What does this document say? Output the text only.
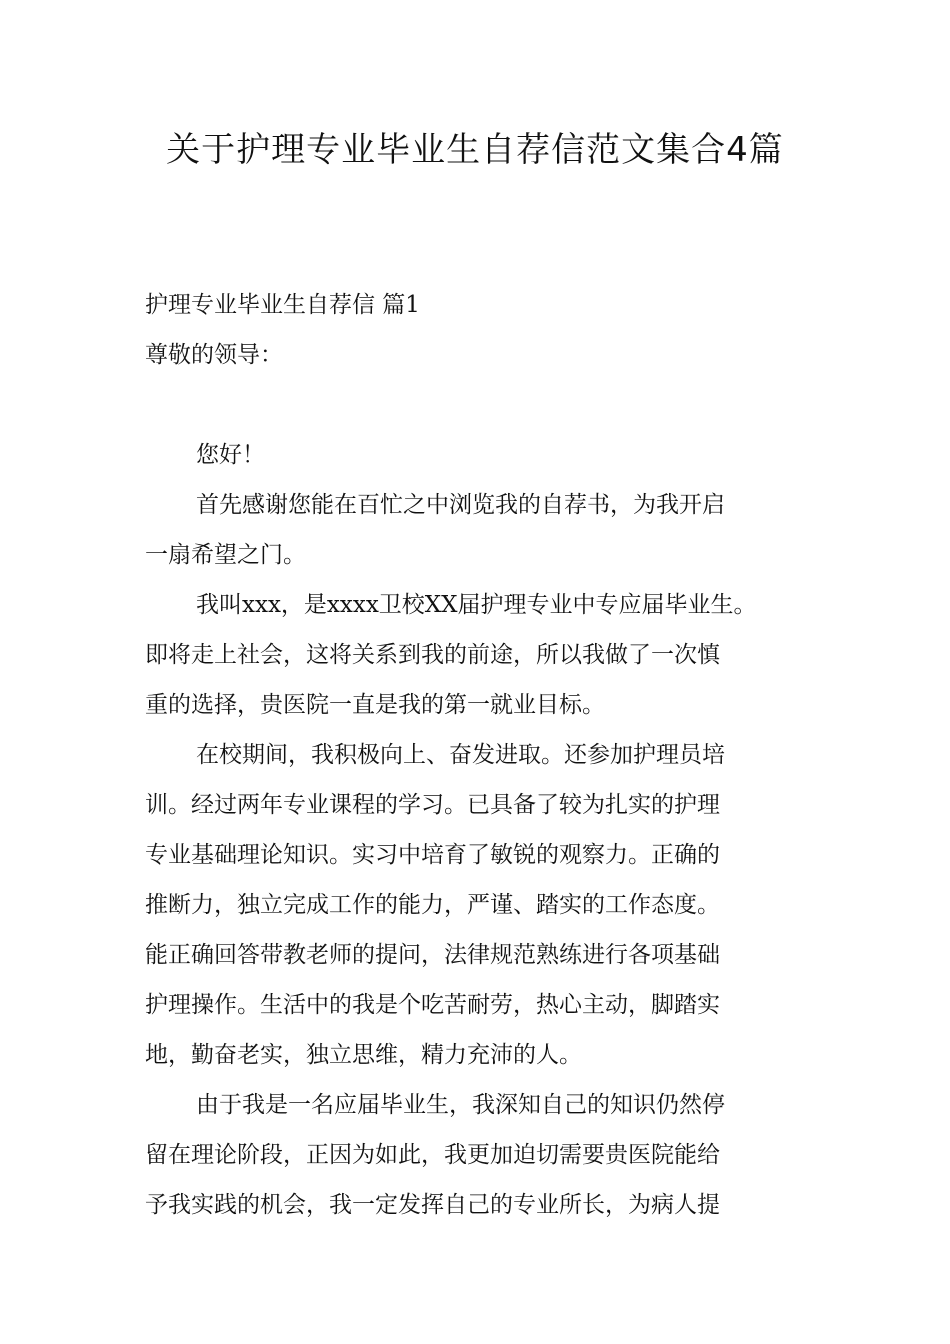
关于护理专业毕业生自荐信范文集合4篇

护理专业毕业生自荐信 篇1

尊敬的领导：

您好！

首先感谢您能在百忙之中浏览我的自荐书，为我开启

一扇希望之门。

我叫xxx，是xxxx卫校XX届护理专业中专应届毕业生。

即将走上社会，这将关系到我的前途，所以我做了一次慎

重的选择，贵医院一直是我的第一就业目标。

在校期间，我积极向上、奋发进取。还参加护理员培

训。经过两年专业课程的学习。已具备了较为扎实的护理

专业基础理论知识。实习中培育了敏锐的观察力。正确的

推断力，独立完成工作的能力，严谨、踏实的工作态度。

能正确回答带教老师的提问，法律规范熟练进行各项基础

护理操作。生活中的我是个吃苦耐劳，热心主动，脚踏实

地，勤奋老实，独立思维，精力充沛的人。

由于我是一名应届毕业生，我深知自己的知识仍然停

留在理论阶段，正因为如此，我更加迫切需要贵医院能给

予我实践的机会，我一定发挥自己的专业所长，为病人提
